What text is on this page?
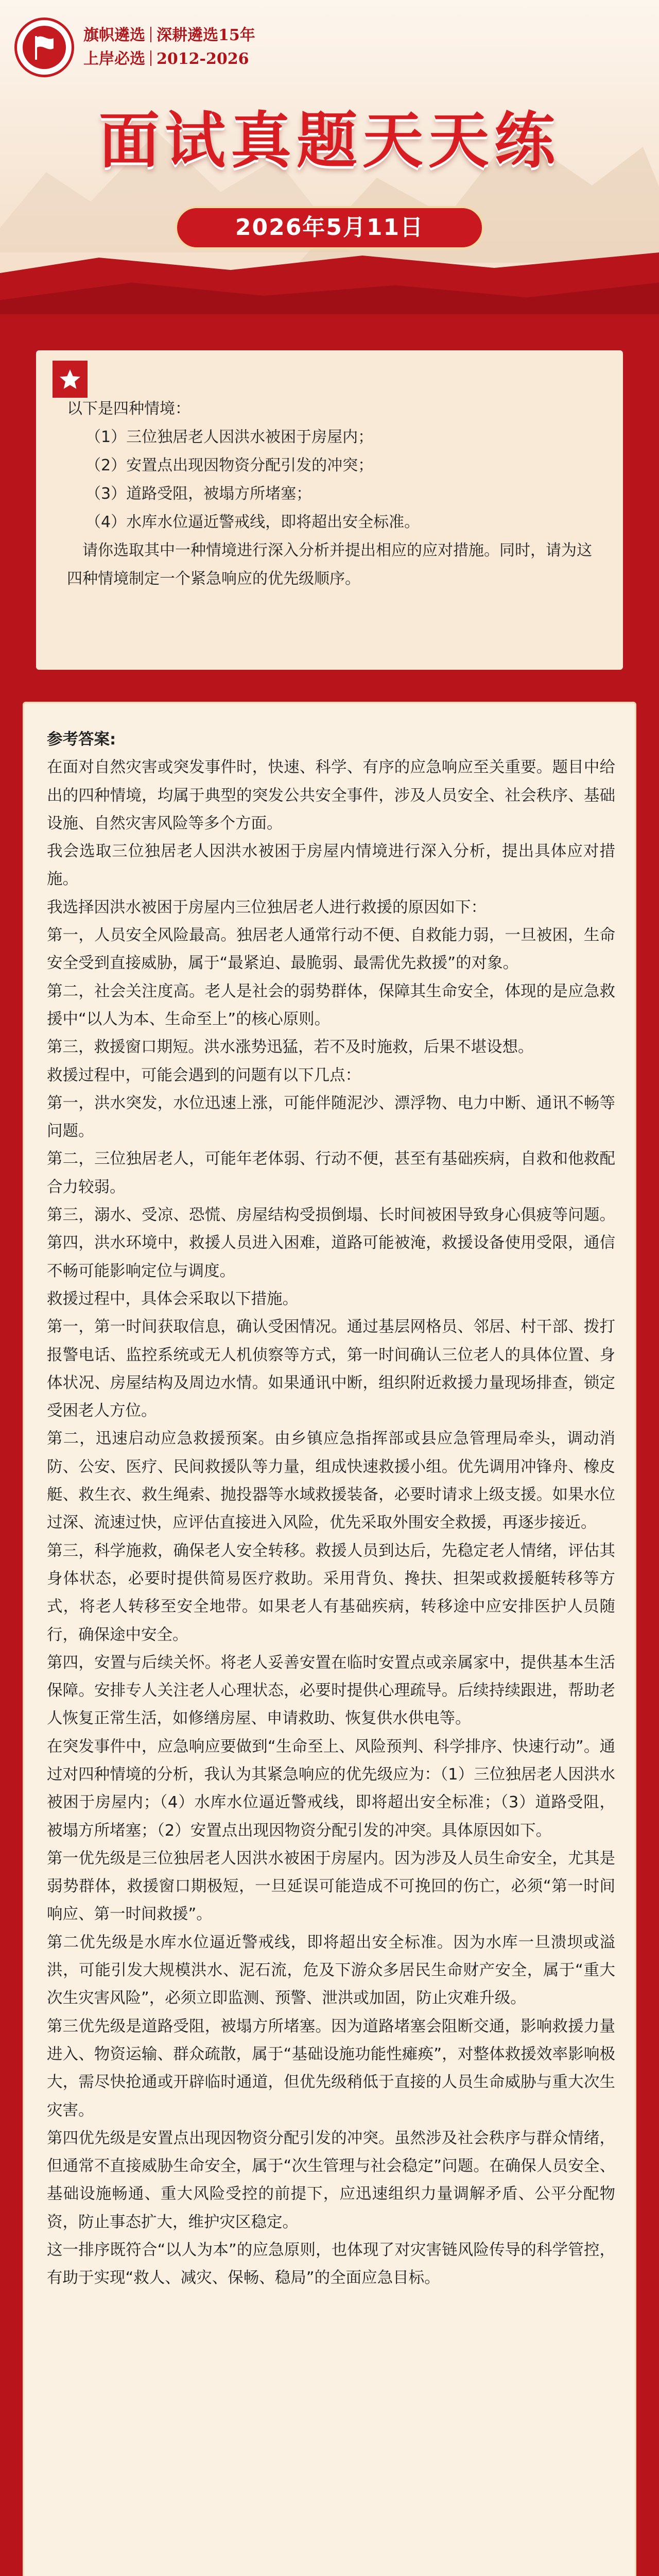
旗帜遴选 深耕遴选15年
上岸必选 2012-2026
面试真题天天练
2026年5月11日
以下是四种情境：
（1）三位独居老人因洪水被困于房屋内；
（2）安置点出现因物资分配引发的冲突；
（3）道路受阻，被塌方所堵塞；
（4）水库水位逼近警戒线，即将超出安全标准。
请你选取其中一种情境进行深入分析并提出相应的应对措施。同时，请为这四种情境制定一个紧急响应的优先级顺序。

参考答案:

在面对自然灾害或突发事件时，快速、科学、有序的应急响应至关重要。题目中给出的四种情境，均属于典型的突发公共安全事件，涉及人员安全、社会秩序、基础设施、自然灾害风险等多个方面。

我会选取三位独居老人因洪水被困于房屋内情境进行深入分析，提出具体应对措施。

我选择因洪水被困于房屋内三位独居老人进行救援的原因如下：

第一，人员安全风险最高。独居老人通常行动不便、自救能力弱，一旦被困，生命安全受到直接威胁，属于“最紧迫、最脆弱、最需优先救援”的对象。

第二，社会关注度高。老人是社会的弱势群体，保障其生命安全，体现的是应急救援中“以人为本、生命至上”的核心原则。

第三，救援窗口期短。洪水涨势迅猛，若不及时施救，后果不堪设想。

救援过程中，可能会遇到的问题有以下几点：

第一，洪水突发，水位迅速上涨，可能伴随泥沙、漂浮物、电力中断、通讯不畅等问题。

第二，三位独居老人，可能年老体弱、行动不便，甚至有基础疾病，自救和他救配合力较弱。

第三，溺水、受凉、恐慌、房屋结构受损倒塌、长时间被困导致身心俱疲等问题。第四，洪水环境中，救援人员进入困难，道路可能被淹，救援设备使用受限，通信不畅可能影响定位与调度。

救援过程中，具体会采取以下措施。

第一，第一时间获取信息，确认受困情况。通过基层网格员、邻居、村干部、拨打报警电话、监控系统或无人机侦察等方式，第一时间确认三位老人的具体位置、身体状况、房屋结构及周边水情。如果通讯中断，组织附近救援力量现场排查，锁定受困老人方位。

第二，迅速启动应急救援预案。由乡镇应急指挥部或县应急管理局牵头，调动消防、公安、医疗、民间救援队等力量，组成快速救援小组。优先调用冲锋舟、橡皮艇、救生衣、救生绳索、抛投器等水域救援装备，必要时请求上级支援。如果水位过深、流速过快，应评估直接进入风险，优先采取外围安全救援，再逐步接近。

第三，科学施救，确保老人安全转移。救援人员到达后，先稳定老人情绪，评估其身体状态，必要时提供简易医疗救助。采用背负、搀扶、担架或救援艇转移等方式，将老人转移至安全地带。如果老人有基础疾病，转移途中应安排医护人员随行，确保途中安全。

第四，安置与后续关怀。将老人妥善安置在临时安置点或亲属家中，提供基本生活保障。安排专人关注老人心理状态，必要时提供心理疏导。后续持续跟进，帮助老人恢复正常生活，如修缮房屋、申请救助、恢复供水供电等。

在突发事件中，应急响应要做到“生命至上、风险预判、科学排序、快速行动”。通过对四种情境的分析，我认为其紧急响应的优先级应为：（1）三位独居老人因洪水被困于房屋内；（4）水库水位逼近警戒线，即将超出安全标准；（3）道路受阻，被塌方所堵塞；（2）安置点出现因物资分配引发的冲突。具体原因如下。

第一优先级是三位独居老人因洪水被困于房屋内。因为涉及人员生命安全，尤其是弱势群体，救援窗口期极短，一旦延误可能造成不可挽回的伤亡，必须“第一时间响应、第一时间救援”。

第二优先级是水库水位逼近警戒线，即将超出安全标准。因为水库一旦溃坝或溢洪，可能引发大规模洪水、泥石流，危及下游众多居民生命财产安全，属于“重大次生灾害风险”，必须立即监测、预警、泄洪或加固，防止灾难升级。

第三优先级是道路受阻，被塌方所堵塞。因为道路堵塞会阻断交通，影响救援力量进入、物资运输、群众疏散，属于“基础设施功能性瘫痪”，对整体救援效率影响极大，需尽快抢通或开辟临时通道，但优先级稍低于直接的人员生命威胁与重大次生灾害。

第四优先级是安置点出现因物资分配引发的冲突。虽然涉及社会秩序与群众情绪，但通常不直接威胁生命安全，属于“次生管理与社会稳定”问题。在确保人员安全、基础设施畅通、重大风险受控的前提下，应迅速组织力量调解矛盾、公平分配物资，防止事态扩大，维护灾区稳定。

这一排序既符合“以人为本”的应急原则，也体现了对灾害链风险传导的科学管控，有助于实现“救人、减灾、保畅、稳局”的全面应急目标。
